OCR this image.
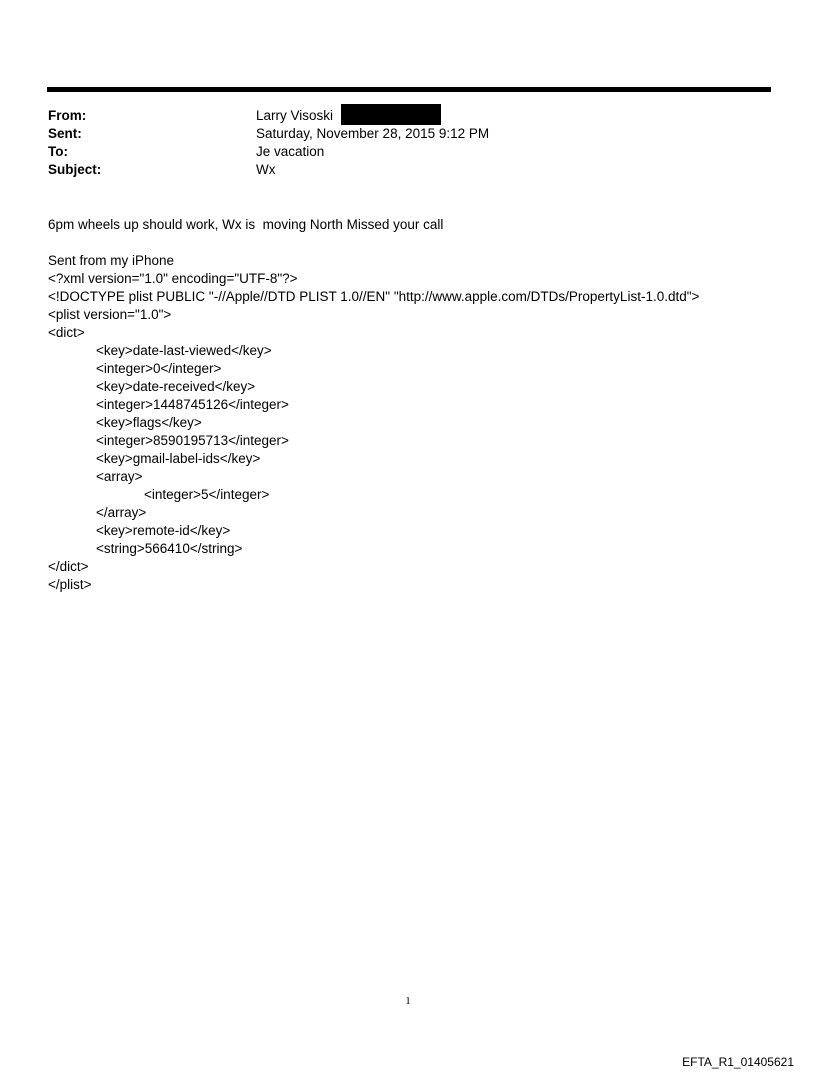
From:	Larry Visoski
Sent:	Saturday, November 28, 2015 9:12 PM
To:	Je vacation
Subject:	Wx
6pm wheels up should work, Wx is  moving North Missed your call
Sent from my iPhone
<?xml version="1.0" encoding="UTF-8"?>
<!DOCTYPE plist PUBLIC "-//Apple//DTD PLIST 1.0//EN" "http://www.apple.com/DTDs/PropertyList-1.0.dtd">
<plist version="1.0">
<dict>
<key>date-last-viewed</key>
<integer>0</integer>
<key>date-received</key>
<integer>1448745126</integer>
<key>flags</key>
<integer>8590195713</integer>
<key>gmail-label-ids</key>
<array>
<integer>5</integer>
</array>
<key>remote-id</key>
<string>566410</string>
</dict>
</plist>
1
EFTA_R1_01405621
